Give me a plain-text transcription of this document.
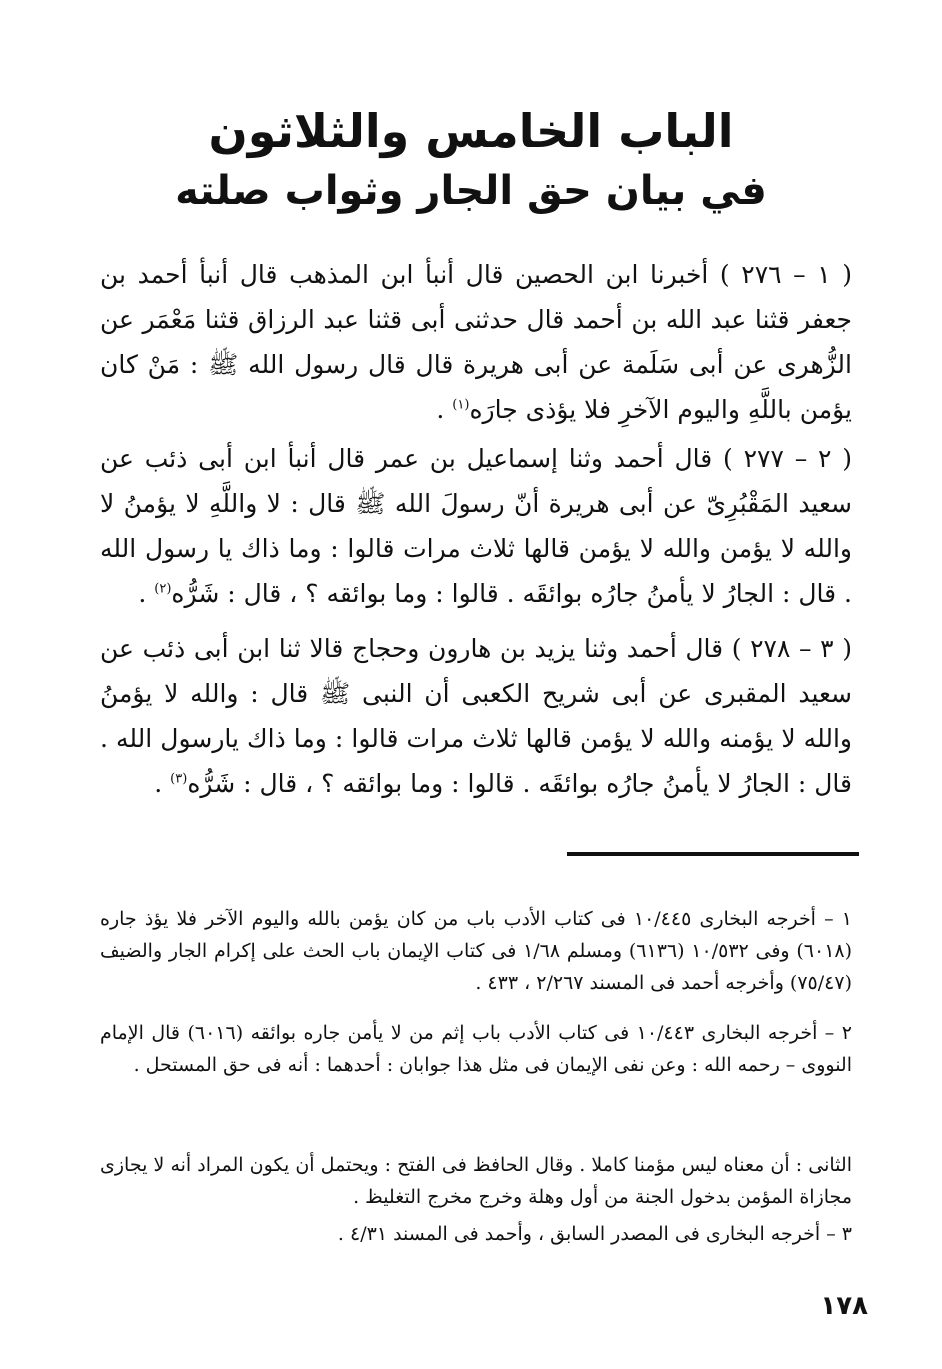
الباب الخامس والثلاثون
في بيان حق الجار وثواب صلته
( ١ – ٢٧٦ ) أخبرنا ابن الحصين قال أنبأ ابن المذهب قال أنبأ أحمد بن جعفر قثنا عبد الله بن أحمد قال حدثنى أبى قثنا عبد الرزاق قثنا مَعْمَر عن الزُّهرى عن أبى سَلَمة عن أبى هريرة قال قال رسول الله ﷺ : مَنْ كان يؤمن باللَّهِ واليوم الآخرِ فلا يؤذى جارَه$^{(١)}$ .
( ٢ – ٢٧٧ ) قال أحمد وثنا إسماعيل بن عمر قال أنبأ ابن أبى ذئب عن سعيد المَقْبُرِىّ عن أبى هريرة أنّ رسولَ الله ﷺ قال : لا واللَّهِ لا يؤمنُ لا والله لا يؤمن والله لا يؤمن قالها ثلاث مرات قالوا : وما ذاك يا رسول الله . قال : الجارُ لا يأمنُ جارُه بوائقَه . قالوا : وما بوائقه ؟ ، قال : شَرُّه$^{(٢)}$ .
( ٣ – ٢٧٨ ) قال أحمد وثنا يزيد بن هارون وحجاج قالا ثنا ابن أبى ذئب عن سعيد المقبرى عن أبى شريح الكعبى أن النبى ﷺ قال : والله لا يؤمنُ والله لا يؤمنه والله لا يؤمن قالها ثلاث مرات قالوا : وما ذاك يارسول الله . قال : الجارُ لا يأمنُ جارُه بوائقَه . قالوا : وما بوائقه ؟ ، قال : شَرُّه$^{(٣)}$ .
١ – أخرجه البخارى ١٠/٤٤٥ فى كتاب الأدب باب من كان يؤمن بالله واليوم الآخر فلا يؤذ جاره (٦٠١٨) وفى ١٠/٥٣٢ (٦١٣٦) ومسلم ١/٦٨ فى كتاب الإيمان باب الحث على إكرام الجار والضيف (٧٥/٤٧) وأخرجه أحمد فى المسند ٢/٢٦٧ ، ٤٣٣ .
٢ – أخرجه البخارى ١٠/٤٤٣ فى كتاب الأدب باب إثم من لا يأمن جاره بوائقه (٦٠١٦) قال الإمام النووى – رحمه الله : وعن نفى الإيمان فى مثل هذا جوابان : أحدهما : أنه فى حق المستحل .
الثانى : أن معناه ليس مؤمنا كاملا . وقال الحافظ فى الفتح : ويحتمل أن يكون المراد أنه لا يجازى مجازاة المؤمن بدخول الجنة من أول وهلة وخرج مخرج التغليظ .
٣ – أخرجه البخارى فى المصدر السابق ، وأحمد فى المسند ٤/٣١ .
١٧٨
